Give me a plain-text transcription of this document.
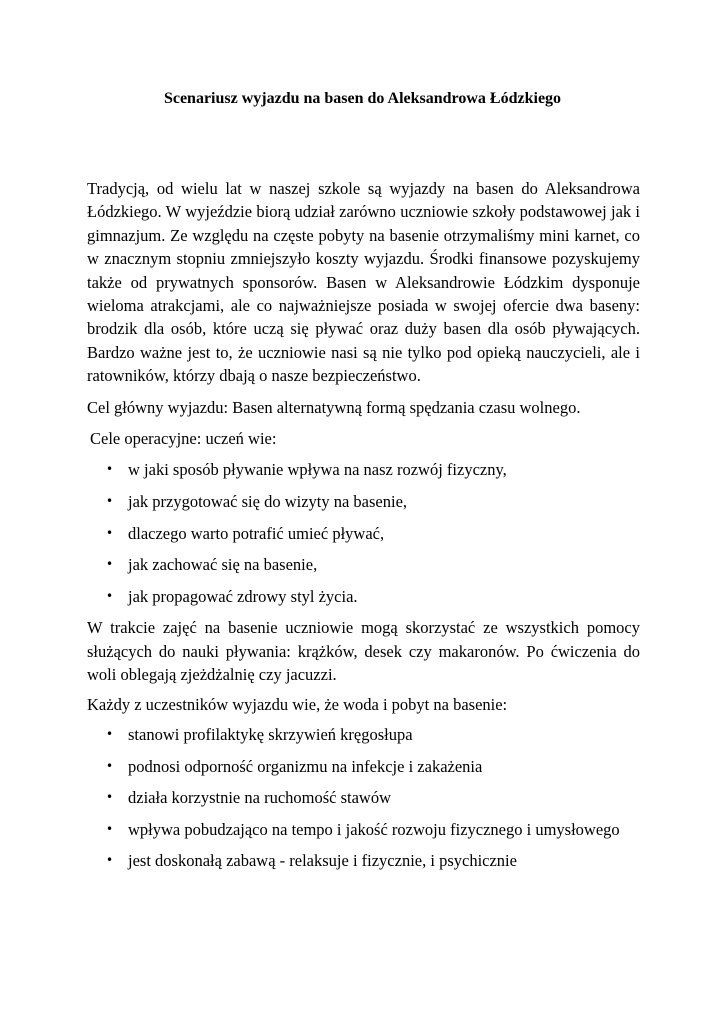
Scenariusz wyjazdu na basen do Aleksandrowa Łódzkiego

Tradycją, od wielu lat w naszej szkole są wyjazdy na basen do Aleksandrowa Łódzkiego. W wyjeździe biorą udział zarówno uczniowie szkoły podstawowej jak i gimnazjum. Ze względu na częste pobyty na basenie otrzymaliśmy mini karnet, co w znacznym stopniu zmniejszyło koszty wyjazdu. Środki finansowe pozyskujemy także od prywatnych sponsorów. Basen w Aleksandrowie Łódzkim dysponuje wieloma atrakcjami, ale co najważniejsze posiada w swojej ofercie dwa baseny: brodzik dla osób, które uczą się pływać oraz duży basen dla osób pływających. Bardzo ważne jest to, że uczniowie nasi są nie tylko pod opieką nauczycieli, ale i ratowników, którzy dbają o nasze bezpieczeństwo.

Cel główny wyjazdu: Basen alternatywną formą spędzania czasu wolnego.

Cele operacyjne: uczeń wie:

• w jaki sposób pływanie wpływa na nasz rozwój fizyczny,
• jak przygotować się do wizyty na basenie,
• dlaczego warto potrafić umieć pływać,
• jak zachować się na basenie,
• jak propagować zdrowy styl życia.

W trakcie zajęć na basenie uczniowie mogą skorzystać ze wszystkich pomocy służących do nauki pływania: krążków, desek czy makaronów. Po ćwiczenia do woli oblegają zjeżdżalnię czy jacuzzi.

Każdy z uczestników wyjazdu wie, że woda i pobyt na basenie:

• stanowi profilaktykę skrzywień kręgosłupa
• podnosi odporność organizmu na infekcje i zakażenia
• działa korzystnie na ruchomość stawów
• wpływa pobudzająco na tempo i jakość rozwoju fizycznego i umysłowego
• jest doskonałą zabawą - relaksuje i fizycznie, i psychicznie
